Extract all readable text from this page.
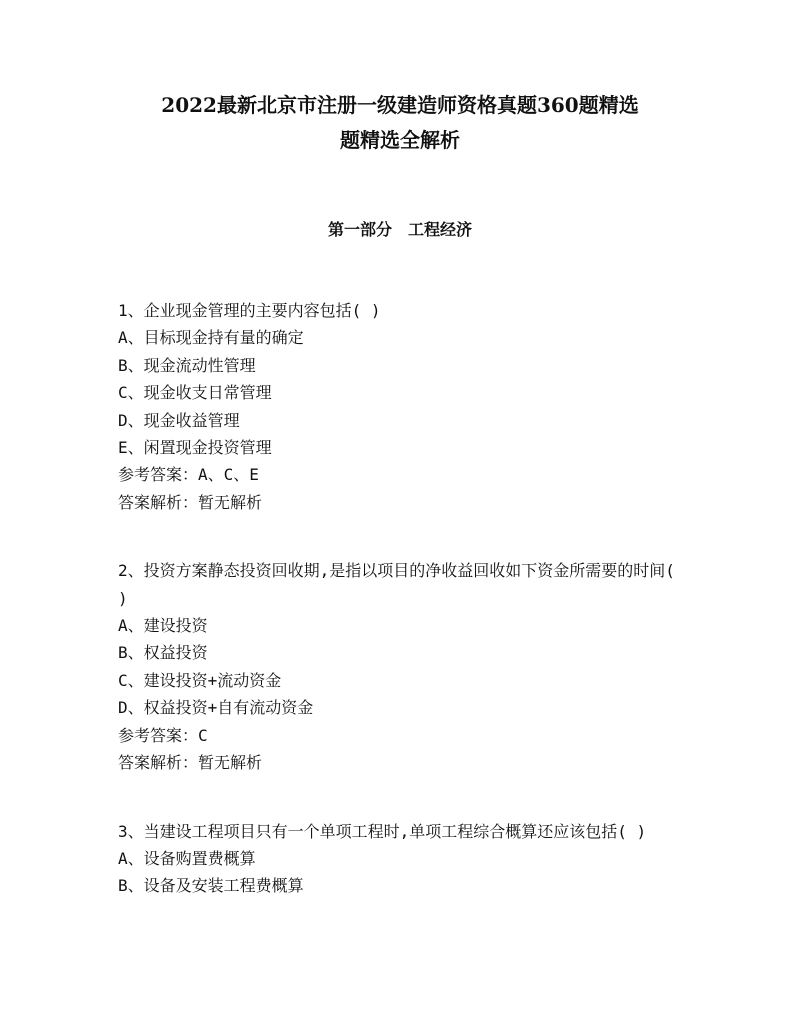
2022最新北京市注册一级建造师资格真题360题精选
题精选全解析
第一部分　工程经济
1、企业现金管理的主要内容包括( )
A、目标现金持有量的确定
B、现金流动性管理
C、现金收支日常管理
D、现金收益管理
E、闲置现金投资管理
参考答案：A、C、E
答案解析：暂无解析
2、投资方案静态投资回收期,是指以项目的净收益回收如下资金所需要的时间( )
A、建设投资
B、权益投资
C、建设投资+流动资金
D、权益投资+自有流动资金
参考答案：C
答案解析：暂无解析
3、当建设工程项目只有一个单项工程时,单项工程综合概算还应该包括( )
A、设备购置费概算
B、设备及安装工程费概算
